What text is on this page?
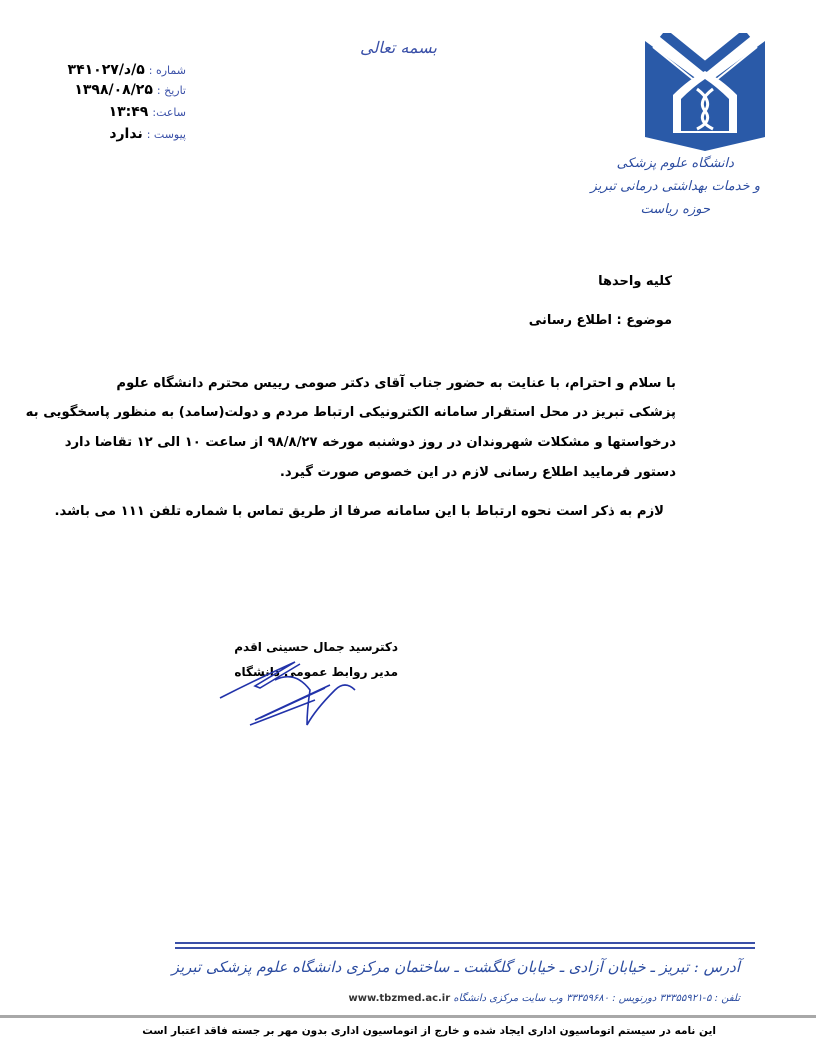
بسمه تعالی
شماره :
۵/د/۳۴۱۰۲۷
تاریخ :
۱۳۹۸/۰۸/۲۵
ساعت:
۱۳:۴۹
پیوست :
ندارد
دانشگاه علوم پزشکی
و خدمات بهداشتی درمانی تبریز
حوزه ریاست
کلیه واحدها
موضوع : اطلاع رسانی
با سلام و احترام، با عنایت به حضور جناب آقای دکتر صومی رییس محترم دانشگاه علوم
پزشکی تبریز در محل استقرار سامانه الکترونیکی ارتباط مردم و دولت(سامد) به منظور پاسخگویی به
درخواستها و مشکلات شهروندان در روز دوشنبه مورخه ۹۸/۸/۲۷ از ساعت ۱۰ الی ۱۲ تقاضا دارد
دستور فرمایید اطلاع رسانی لازم در این خصوص صورت گیرد.
لازم به ذکر است نحوه ارتباط با این سامانه صرفا از طریق تماس با شماره تلفن ۱۱۱ می باشد.
دکترسید جمال حسینی اقدم
مدیر روابط عمومی دانشگاه
آدرس : تبریز ـ خیابان آزادی ـ خیابان گلگشت ـ ساختمان مرکزی دانشگاه علوم پزشکی تبریز
تلفن : ۵-۳۳۳۵۵۹۲۱ دورنویس : ۳۳۳۵۹۶۸۰ وب سایت مرکزی دانشگاه www.tbzmed.ac.ir
این نامه در سیستم اتوماسیون اداری ایجاد شده و خارج از اتوماسیون اداری بدون مهر بر جسته فاقد اعتبار است
